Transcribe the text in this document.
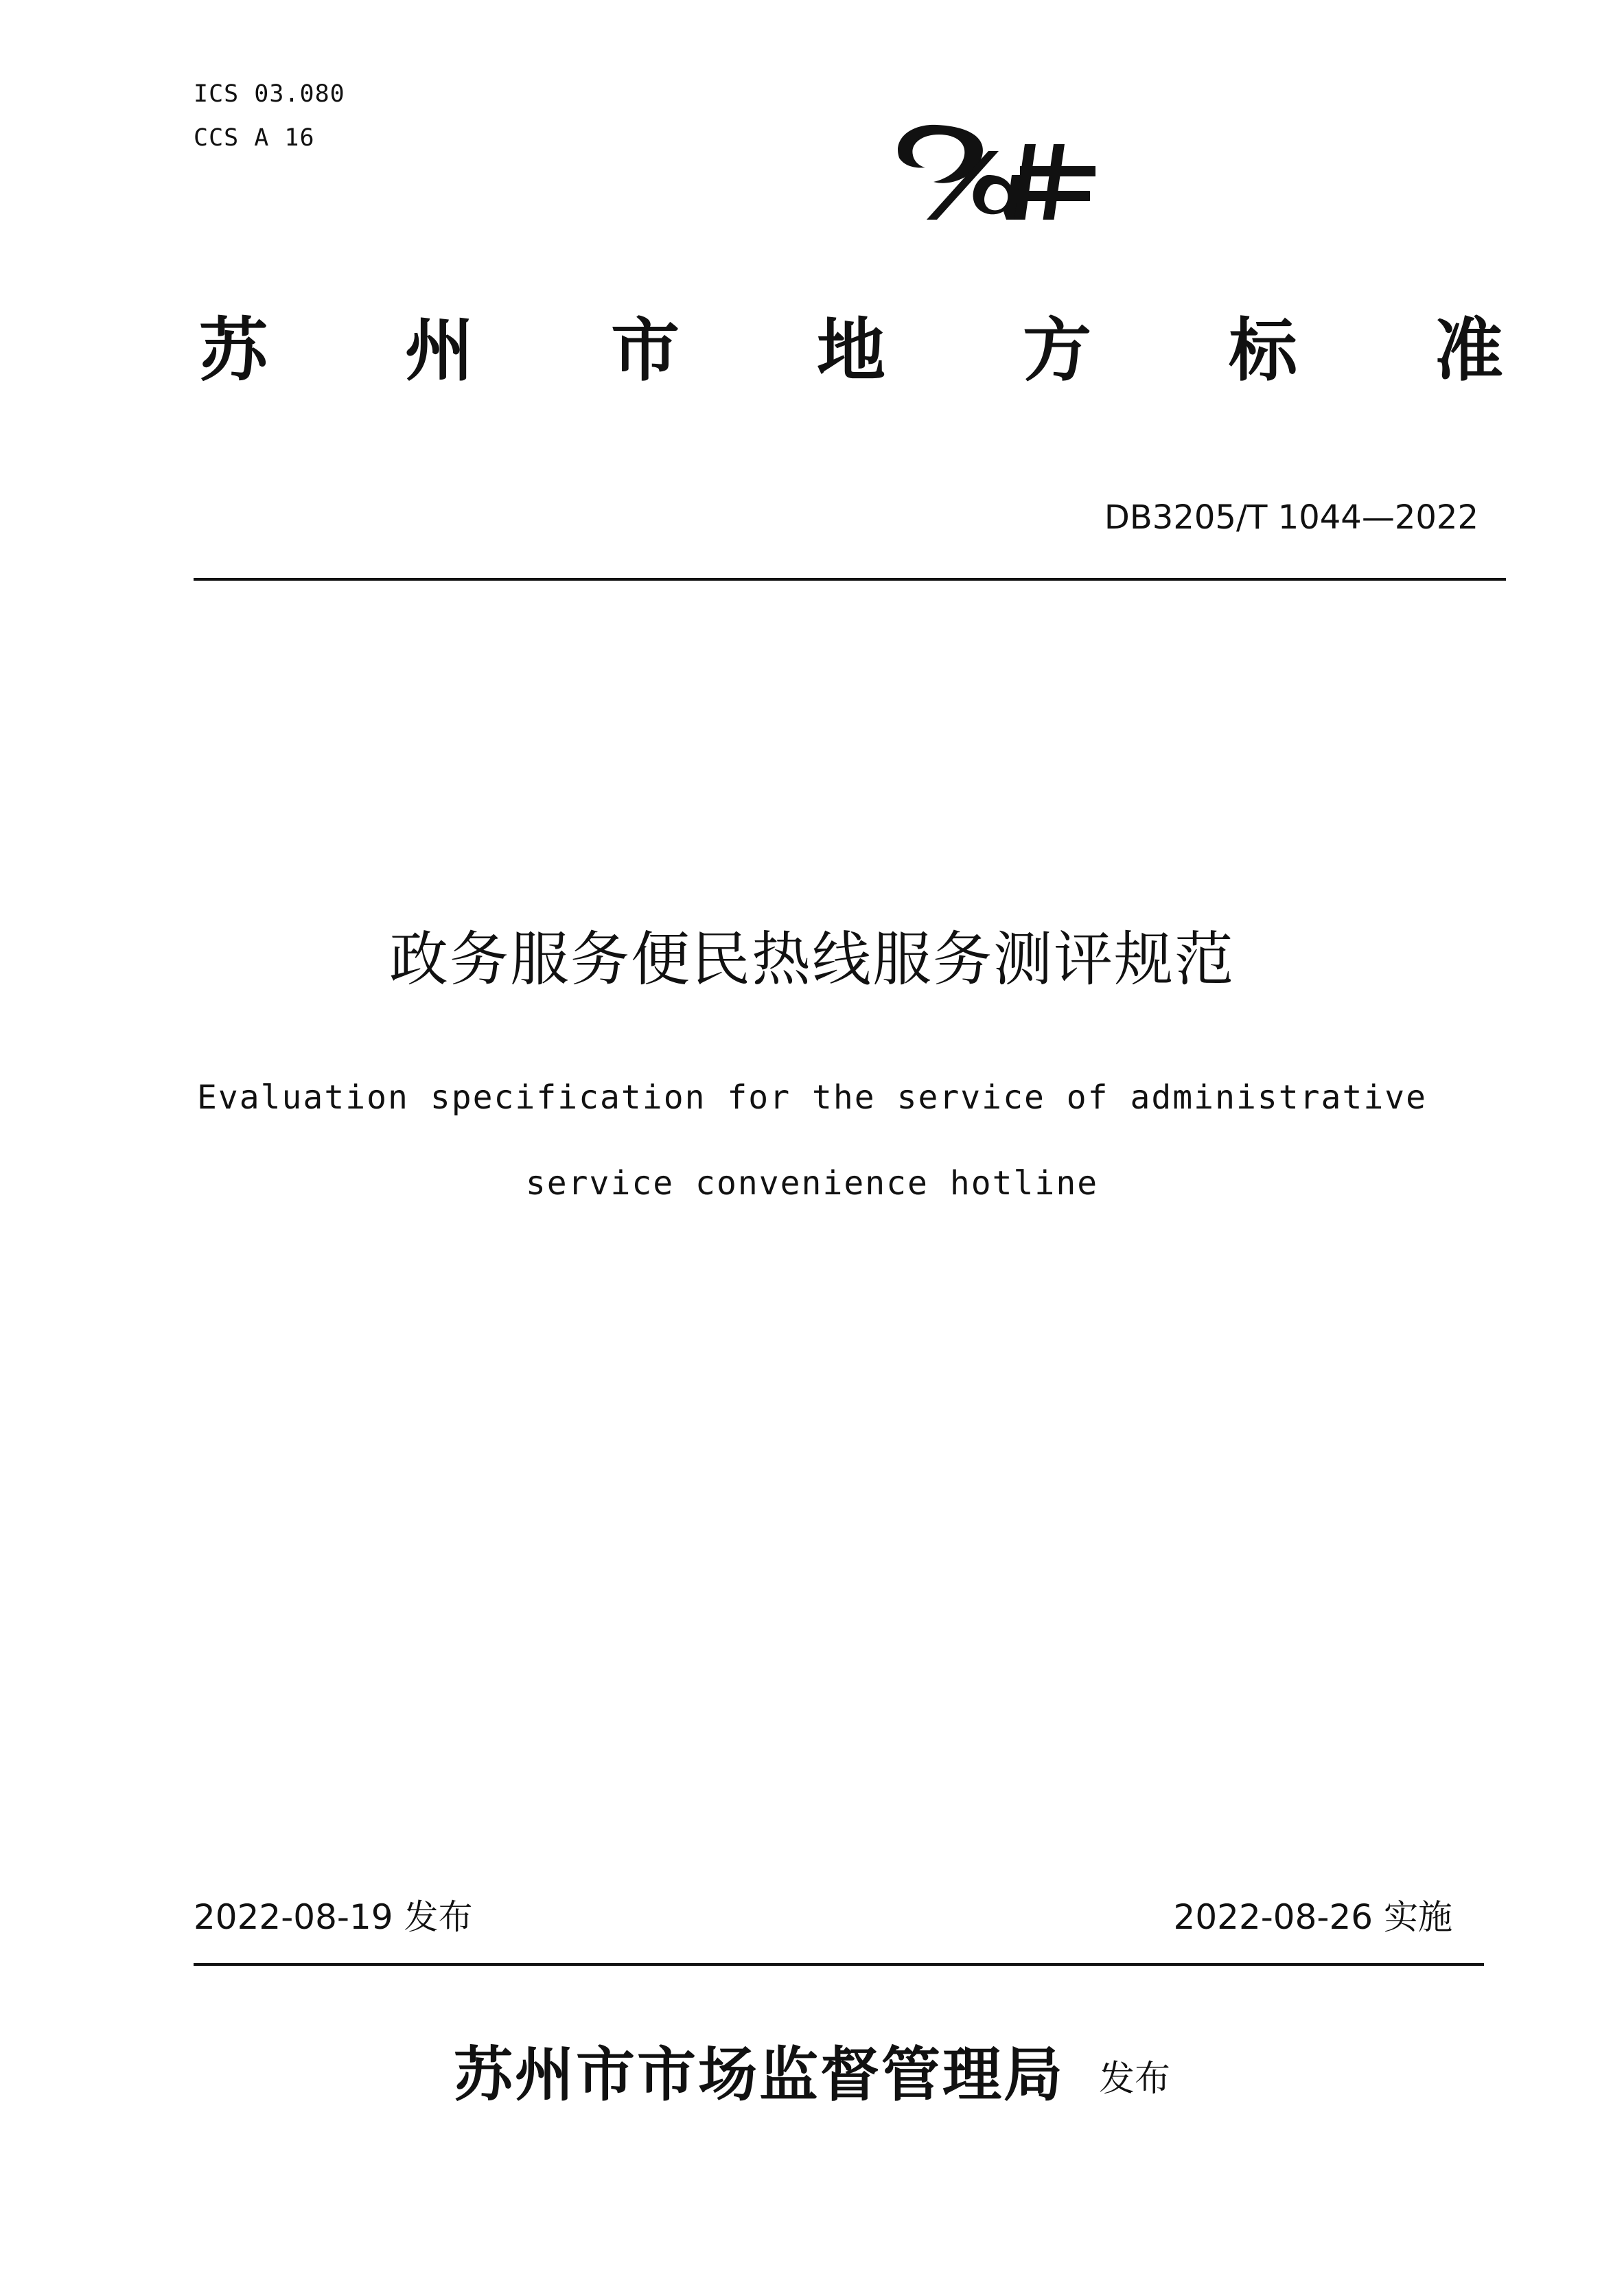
ICS 03.080
CCS A 16
苏 州 市 地 方 标 准
DB3205/T 1044—2022
政务服务便民热线服务测评规范
Evaluation specification for the service of administrative
service convenience hotline
2022-08-19 发布	2022-08-26 实施
苏州市市场监督管理局 发布
